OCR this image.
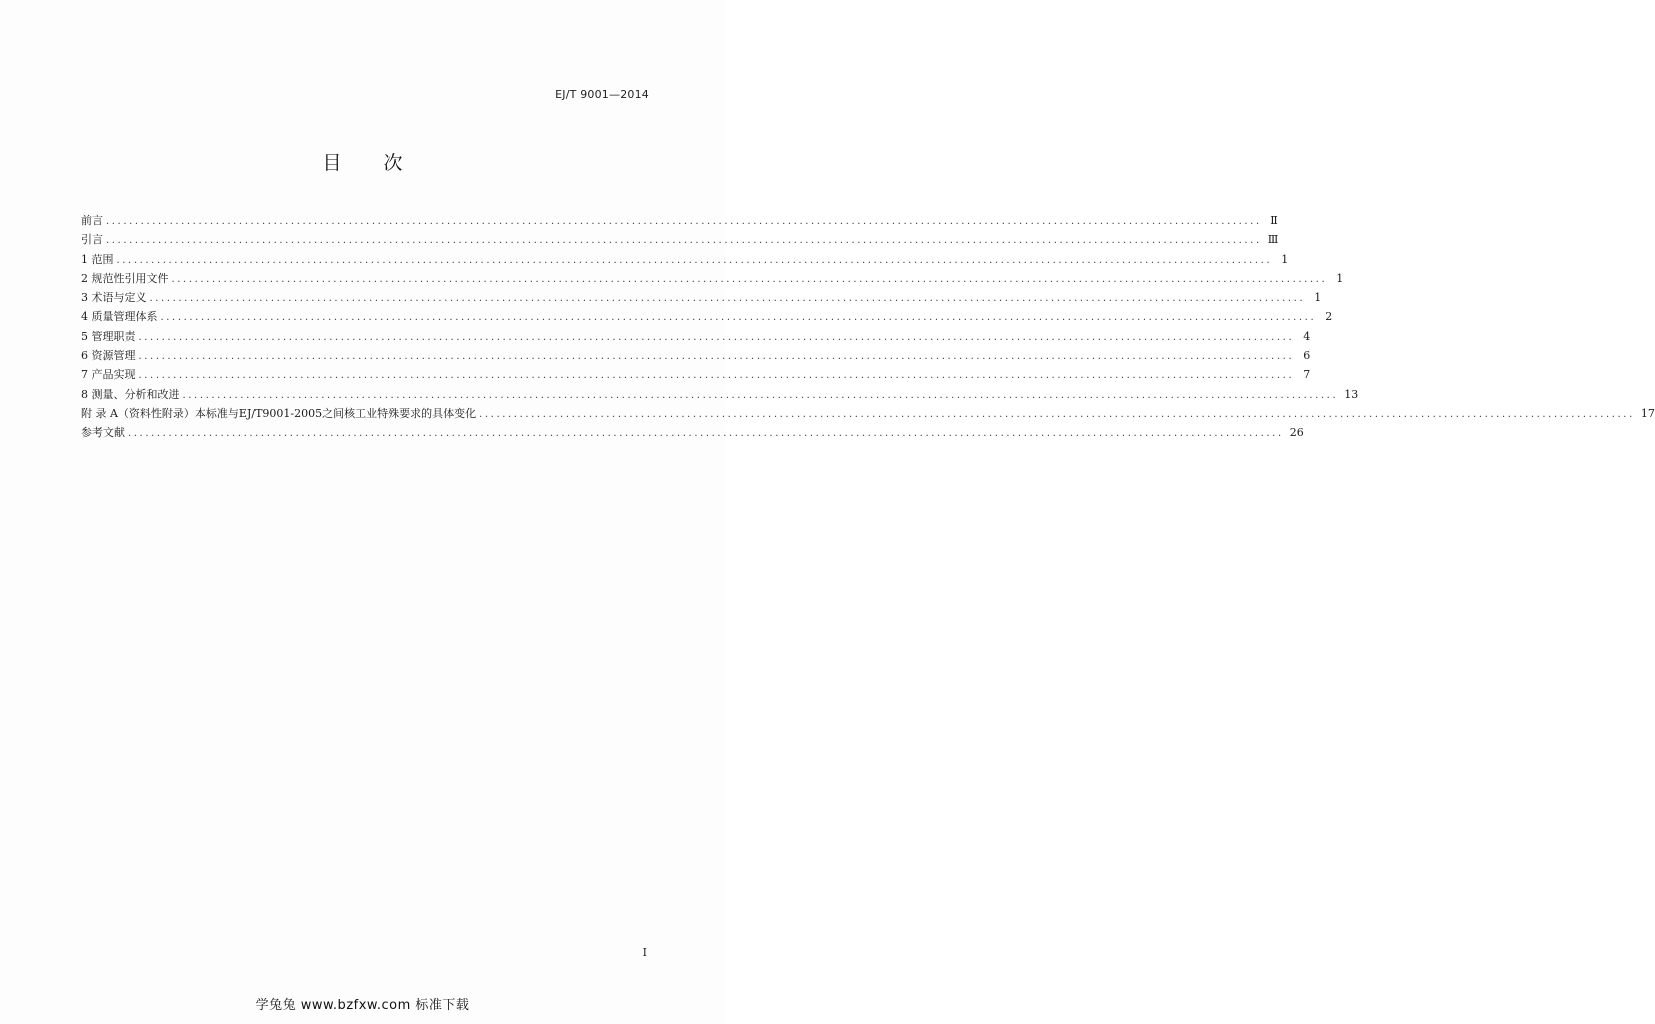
EJ/T 9001—2014
目 次
前言 ........................................................................................................................................................................................................ Ⅱ
引言 ........................................................................................................................................................................................................ Ⅲ
1 范围 ........................................................................................................................................................................................................ 1
2 规范性引用文件 ........................................................................................................................................................................................................ 1
3 术语与定义 ........................................................................................................................................................................................................ 1
4 质量管理体系 ........................................................................................................................................................................................................ 2
5 管理职责 ........................................................................................................................................................................................................ 4
6 资源管理 ........................................................................................................................................................................................................ 6
7 产品实现 ........................................................................................................................................................................................................ 7
8 测量、分析和改进 ........................................................................................................................................................................................................ 13
附 录 A（资料性附录）本标准与EJ/T9001-2005之间核工业特殊要求的具体变化 ........................................................................................................................................................................................................ 17
参考文献 ........................................................................................................................................................................................................ 26
I
学兔兔 www.bzfxw.com 标准下载
